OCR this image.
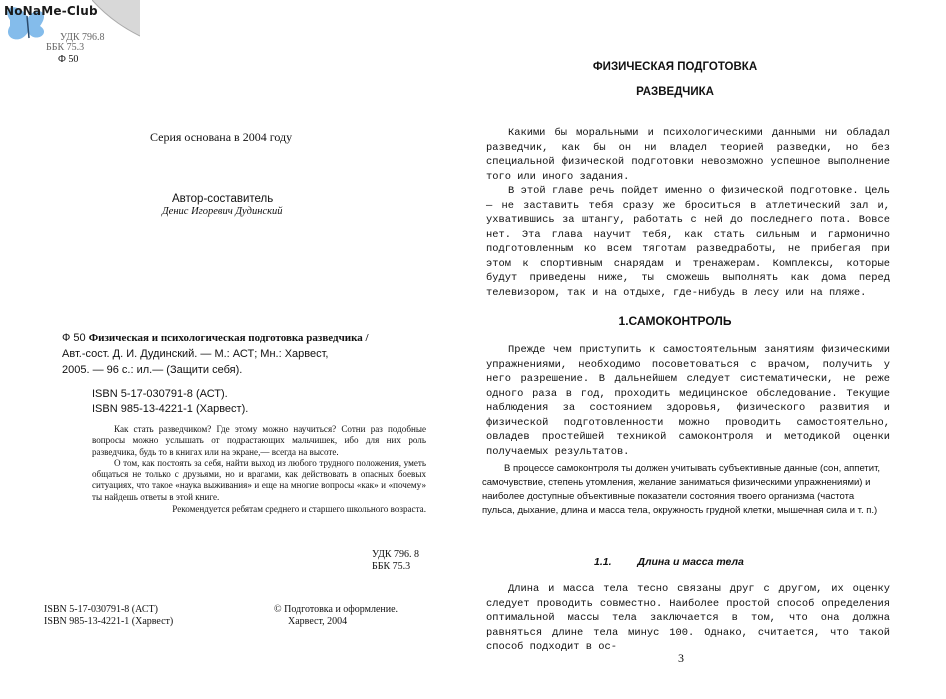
УДК 796.8
ББК 75.3
Ф 50
Серия основана в 2004 году
Автор-составитель
Денис Игоревич Дудинский
Ф 50 Физическая и психологическая подготовка разведчика /
Авт.-сост. Д. И. Дудинский. — М.: АСТ; Мн.: Харвест,
2005. — 96 с.: ил.— (Защити себя).
ISBN 5-17-030791-8 (АСТ).
ISBN 985-13-4221-1 (Харвест).

Как стать разведчиком? Где этому можно научиться? Сотни раз подобные вопросы можно услышать от подрастающих мальчишек, ибо для них роль разведчика, будь то в книгах или на экране,— всегда на высоте.

О том, как постоять за себя, найти выход из любого трудного положения, уметь общаться не только с друзьями, но и врагами, как действовать в опасных боевых ситуациях, что такое «наука выживания» и еще на многие вопросы «как» и «почему» ты найдешь ответы в этой книге.

Рекомендуется ребятам среднего и старшего школьного возраста.

УДК 796. 8
ББК 75.3
ISBN 5-17-030791-8 (АСТ)
ISBN 985-13-4221-1 (Харвест)
© Подготовка и оформление.
Харвест, 2004
NoNaMe-Club
ФИЗИЧЕСКАЯ ПОДГОТОВКА
РАЗВЕДЧИКА

Какими бы моральными и психологическими данными ни обладал разведчик, как бы он ни владел теорией разведки, но без специальной физической подготовки невозможно успешное выполнение того или иного задания.

В этой главе речь пойдет именно о физической подготовке. Цель — не заставить тебя сразу же броситься в атлетический зал и, ухватившись за штангу, работать с ней до последнего пота. Вовсе нет. Эта глава научит тебя, как стать сильным и гармонично подготовленным ко всем тяготам разведработы, не прибегая при этом к спортивным снарядам и тренажерам. Комплексы, которые будут приведены ниже, ты сможешь выполнять как дома перед телевизором, так и на отдыхе, где-нибудь в лесу или на пляже.

1.САМОКОНТРОЛЬ

Прежде чем приступить к самостоятельным занятиям физическими упражнениями, необходимо посоветоваться с врачом, получить у него разрешение. В дальнейшем следует систематически, не реже одного раза в год, проходить медицинское обследование. Текущие наблюдения за состоянием здоровья, физического развития и физической подготовленности можно проводить самостоятельно, овладев простейшей техникой самоконтроля и методикой оценки получаемых результатов.

В процессе самоконтроля ты должен учитывать субъективные данные (сон, аппетит, самочувствие, степень утомления, желание заниматься физическими упражнениями) и наиболее доступные объективные показатели состояния твоего организма (частота пульса, дыхание, длина и масса тела, окружность грудной клетки, мышечная сила и т. п.)

1.1. Длина и масса тела

Длина и масса тела тесно связаны друг с другом, их оценку следует проводить совместно. Наиболее простой способ определения оптимальной массы тела заключается в том, что она должна равняться длине тела минус 100. Однако, считается, что такой способ подходит в ос-

3
